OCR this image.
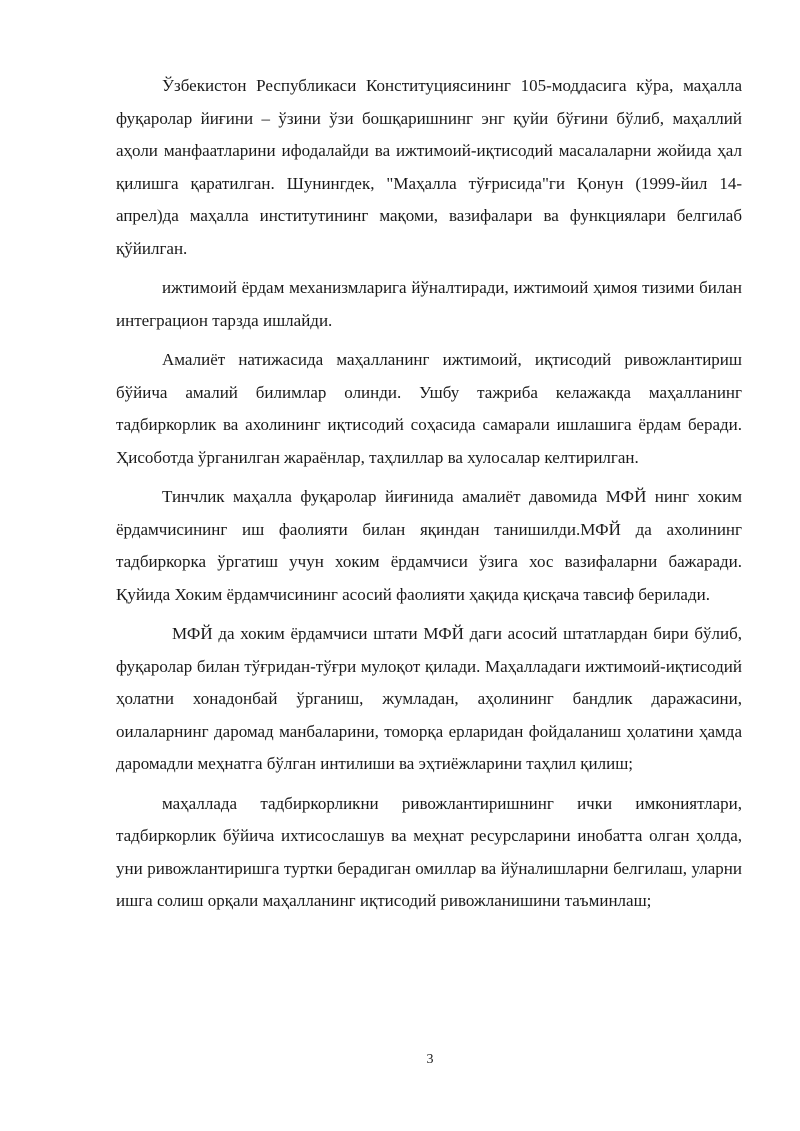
Ўзбекистон Республикаси Конституциясининг 105-моддасига кўра, маҳалла фуқаролар йиғини – ўзини ўзи бошқаришнинг энг қуйи бўғини бўлиб, маҳаллий аҳоли манфаатларини ифодалайди ва ижтимоий-иқтисодий масалаларни жойида ҳал қилишга қаратилган. Шунингдек, "Маҳалла тўғрисида"ги Қонун (1999-йил 14-апрел)да маҳалла институтининг мақоми, вазифалари ва функциялари белгилаб қўйилган.

ижтимоий ёрдам механизмларига йўналтиради, ижтимоий ҳимоя тизими билан интеграцион тарзда ишлайди.

Амалиёт натижасида маҳалланинг ижтимоий, иқтисодий ривожлантириш бўйича амалий билимлар олинди. Ушбу тажриба келажакда маҳалланинг тадбиркорлик ва ахолининг иқтисодий соҳасида самарали ишлашига ёрдам беради. Ҳисоботда ўрганилган жараёнлар, таҳлиллар ва хулосалар келтирилган.

Тинчлик маҳалла фуқаролар йиғинида амалиёт давомида МФЙ нинг хоким ёрдамчисининг иш фаолияти билан яқиндан танишилди.МФЙ да ахолининг тадбиркорка ўргатиш учун хоким ёрдамчиси ўзига хос вазифаларни бажаради. Қуйида Хоким ёрдамчисининг асосий фаолияти ҳақида қисқача тавсиф берилади.

МФЙ да хоким ёрдамчиси штати МФЙ даги асосий штатлардан бири бўлиб, фуқаролар билан тўғридан-тўғри мулоқот қилади. Маҳалладаги ижтимоий-иқтисодий ҳолатни хонадонбай ўрганиш, жумладан, аҳолининг бандлик даражасини, оилаларнинг даромад манбаларини, томорқа ерларидан фойдаланиш ҳолатини ҳамда даромадли меҳнатга бўлган интилиши ва эҳтиёжларини таҳлил қилиш;

маҳаллада тадбиркорликни ривожлантиришнинг ички имкониятлари, тадбиркорлик бўйича ихтисослашув ва меҳнат ресурсларини инобатта олган ҳолда, уни ривожлантиришга туртки берадиган омиллар ва йўналишларни белгилаш, уларни ишга солиш орқали маҳалланинг иқтисодий ривожланишини таъминлаш;

3
